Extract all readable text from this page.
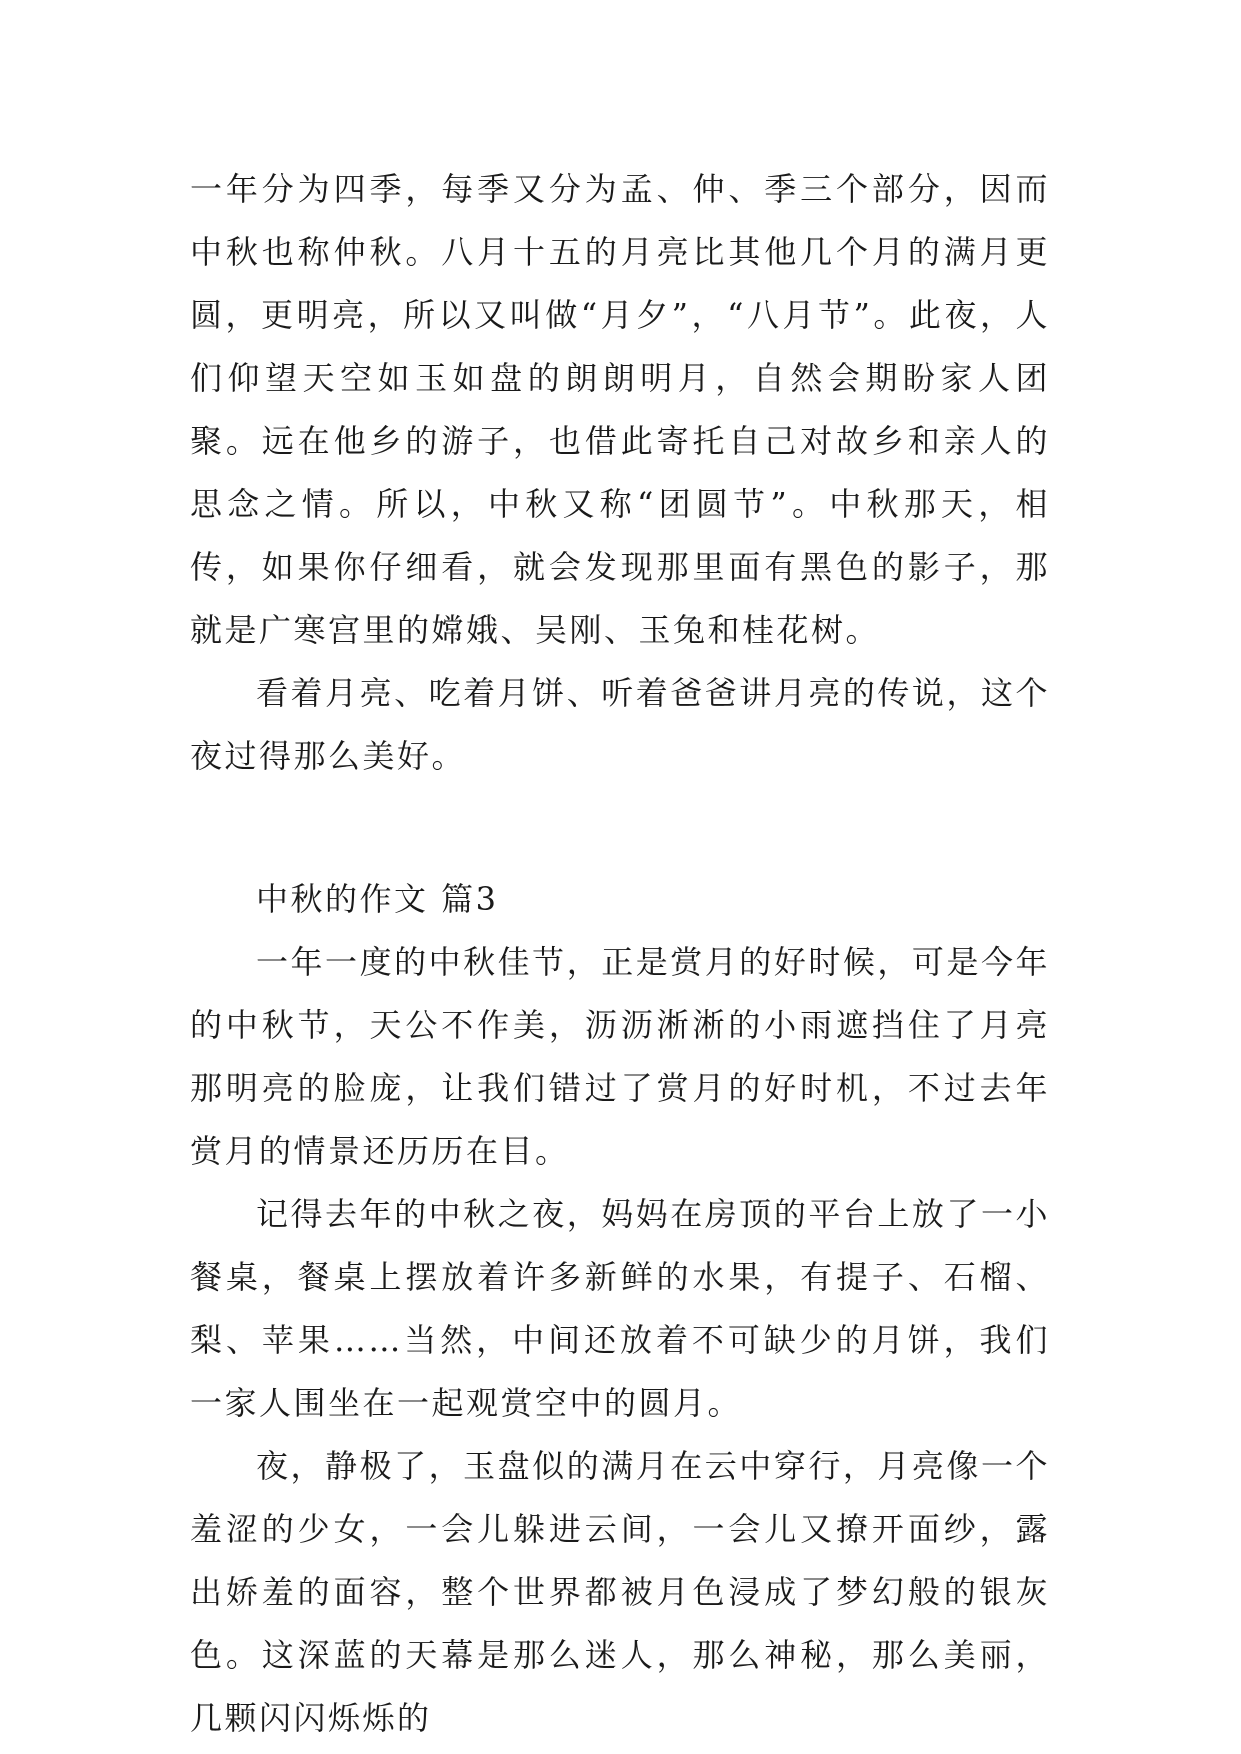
一年分为四季，每季又分为孟、仲、季三个部分，因而中秋也称仲秋。八月十五的月亮比其他几个月的满月更圆，更明亮，所以又叫做“月夕”，“八月节”。此夜，人们仰望天空如玉如盘的朗朗明月，自然会期盼家人团聚。远在他乡的游子，也借此寄托自己对故乡和亲人的思念之情。所以，中秋又称“团圆节”。中秋那天，相传，如果你仔细看，就会发现那里面有黑色的影子，那就是广寒宫里的嫦娥、吴刚、玉兔和桂花树。

看着月亮、吃着月饼、听着爸爸讲月亮的传说，这个夜过得那么美好。

中秋的作文 篇3

一年一度的中秋佳节，正是赏月的好时候，可是今年的中秋节，天公不作美，沥沥淅淅的小雨遮挡住了月亮那明亮的脸庞，让我们错过了赏月的好时机，不过去年赏月的情景还历历在目。

记得去年的中秋之夜，妈妈在房顶的平台上放了一小餐桌，餐桌上摆放着许多新鲜的水果，有提子、石榴、梨、苹果……当然，中间还放着不可缺少的月饼，我们一家人围坐在一起观赏空中的圆月。

夜，静极了，玉盘似的满月在云中穿行，月亮像一个羞涩的少女，一会儿躲进云间，一会儿又撩开面纱，露出娇羞的面容，整个世界都被月色浸成了梦幻般的银灰色。这深蓝的天幕是那么迷人，那么神秘，那么美丽，几颗闪闪烁烁的
